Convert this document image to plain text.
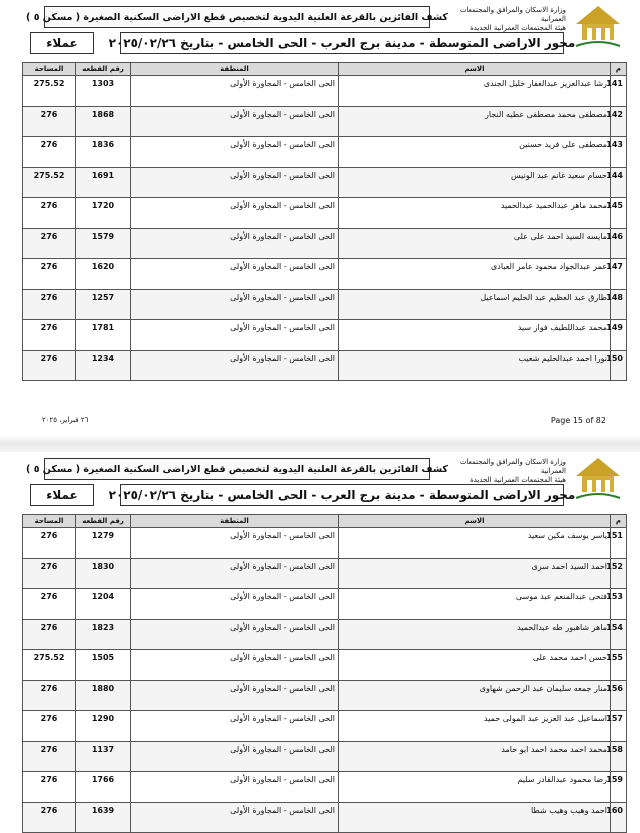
وزارة الاسكان والمرافق والمجتمعات العمرانية
هيئة المجتمعات العمرانية الجديدة
كشف الفائزين بالقرعة العلنية اليدوية لتخصيص قطع الاراضى السكنية الصغيرة ( مسكن ٥ )
محور الاراضى المتوسطة - مدينة برج العرب - الحى الخامس - بتاريخ ٢٠٢٥/٠٢/٢٦
عملاء
م	الاسم	المنطقة	رقم القطعه	المساحة
141	رشا عبدالعزيز عبدالغفار خليل الجندى	الحى الخامس - المجاورة الأولى	1303	275.52
142	مصطفى محمد مصطفى عطيه النجار	الحى الخامس - المجاورة الأولى	1868	276
143	مصطفى على فريد حسنين	الحى الخامس - المجاورة الأولى	1836	276
144	حسام سعيد غانم عبد الونيس	الحى الخامس - المجاورة الأولى	1691	275.52
145	محمد ماهر عبدالحميد عبدالحميد	الحى الخامس - المجاورة الأولى	1720	276
146	مايسه السيد احمد على على	الحى الخامس - المجاورة الأولى	1579	276
147	عمر عبدالجواد محمود عامر العبادى	الحى الخامس - المجاورة الأولى	1620	276
148	طارق عبد العظيم عبد الحليم اسماعيل	الحى الخامس - المجاورة الأولى	1257	276
149	محمد عبداللطيف فواز سيد	الحى الخامس - المجاورة الأولى	1781	276
150	نورا احمد عبدالحليم شعيب	الحى الخامس - المجاورة الأولى	1234	276
٢٦ فبراير، ٢٠٢٥	Page 15 of 82
وزارة الاسكان والمرافق والمجتمعات العمرانية
هيئة المجتمعات العمرانية الجديدة
كشف الفائزين بالقرعة العلنية اليدوية لتخصيص قطع الاراضى السكنية الصغيرة ( مسكن ٥ )
محور الاراضى المتوسطة - مدينة برج العرب - الحى الخامس - بتاريخ ٢٠٢٥/٠٢/٢٦
عملاء
م	الاسم	المنطقة	رقم القطعه	المساحة
151	ياسر يوسف مكين سعيد	الحى الخامس - المجاورة الأولى	1279	276
152	احمد السيد احمد سرى	الحى الخامس - المجاورة الأولى	1830	276
153	فتحى عبدالمنعم عبد موسى	الحى الخامس - المجاورة الأولى	1204	276
154	ماهر شاهبور طه عبدالحميد	الحى الخامس - المجاورة الأولى	1823	276
155	حسن احمد محمد على	الحى الخامس - المجاورة الأولى	1505	275.52
156	منار جمعه سليمان عبد الرحمن شهاوى	الحى الخامس - المجاورة الأولى	1880	276
157	اسماعيل عبد العزيز عبد المولى حميد	الحى الخامس - المجاورة الأولى	1290	276
158	محمد احمد محمد احمد ابو حامد	الحى الخامس - المجاورة الأولى	1137	276
159	رضا محمود عبدالقادر سليم	الحى الخامس - المجاورة الأولى	1766	276
160	احمد وهيب وهيب شطا	الحى الخامس - المجاورة الأولى	1639	276
